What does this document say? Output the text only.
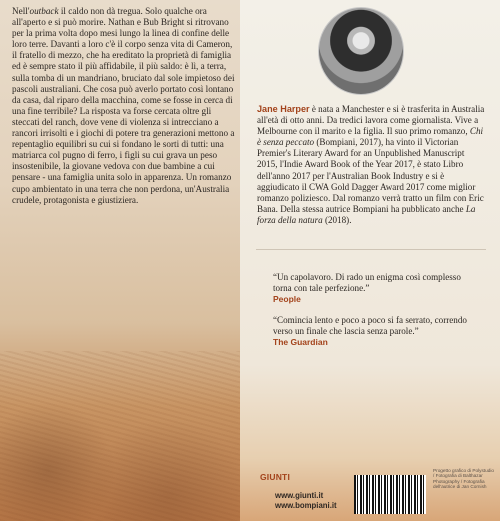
Nell'outback il caldo non dà tregua. Solo qualche ora all'aperto e si può morire. Nathan e Bub Bright si ritrovano per la prima volta dopo mesi lungo la linea di confine delle loro terre. Davanti a loro c'è il corpo senza vita di Cameron, il fratello di mezzo, che ha ereditato la proprietà di famiglia ed è sempre stato il più affidabile, il più saldo: è lì, a terra, sulla tomba di un mandriano, bruciato dal sole impietoso dei pascoli australiani. Che cosa può averlo portato così lontano da casa, dal riparo della macchina, come se fosse in cerca di una fine terribile? La risposta va forse cercata oltre gli steccati del ranch, dove vene di violenza si intrecciano a rancori irrisolti e i giochi di potere tra generazioni mettono a repentaglio equilibri su cui si fondano le sorti di tutti: una matriarca col pugno di ferro, i figli su cui grava un peso insostenibile, la giovane vedova con due bambine a cui pensare - una famiglia unita solo in apparenza. Un romanzo cupo ambientato in una terra che non perdona, un'Australia crudele, protagonista e giustiziera.

Jane Harper è nata a Manchester e si è trasferita in Australia all'età di otto anni. Da tredici lavora come giornalista. Vive a Melbourne con il marito e la figlia. Il suo primo romanzo, Chi è senza peccato (Bompiani, 2017), ha vinto il Victorian Premier's Literary Award for an Unpublished Manuscript 2015, l'Indie Award Book of the Year 2017, è stato Libro dell'anno 2017 per l'Australian Book Industry e si è aggiudicato il CWA Gold Dagger Award 2017 come miglior romanzo poliziesco. Dal romanzo verrà tratto un film con Eric Bana. Della stessa autrice Bompiani ha pubblicato anche La forza della natura (2018).
“Un capolavoro. Di rado un enigma così complesso torna con tale perfezione.”
People
“Comincia lento e poco a poco si fa serrato, correndo verso un finale che lascia senza parole.”
The Guardian
GIUNTI
www.giunti.it
www.bompiani.it
Progetto grafico di Polystudio / Fotografia di Balthazar Photography / Fotografia dell'autrice di Jan Cornish
